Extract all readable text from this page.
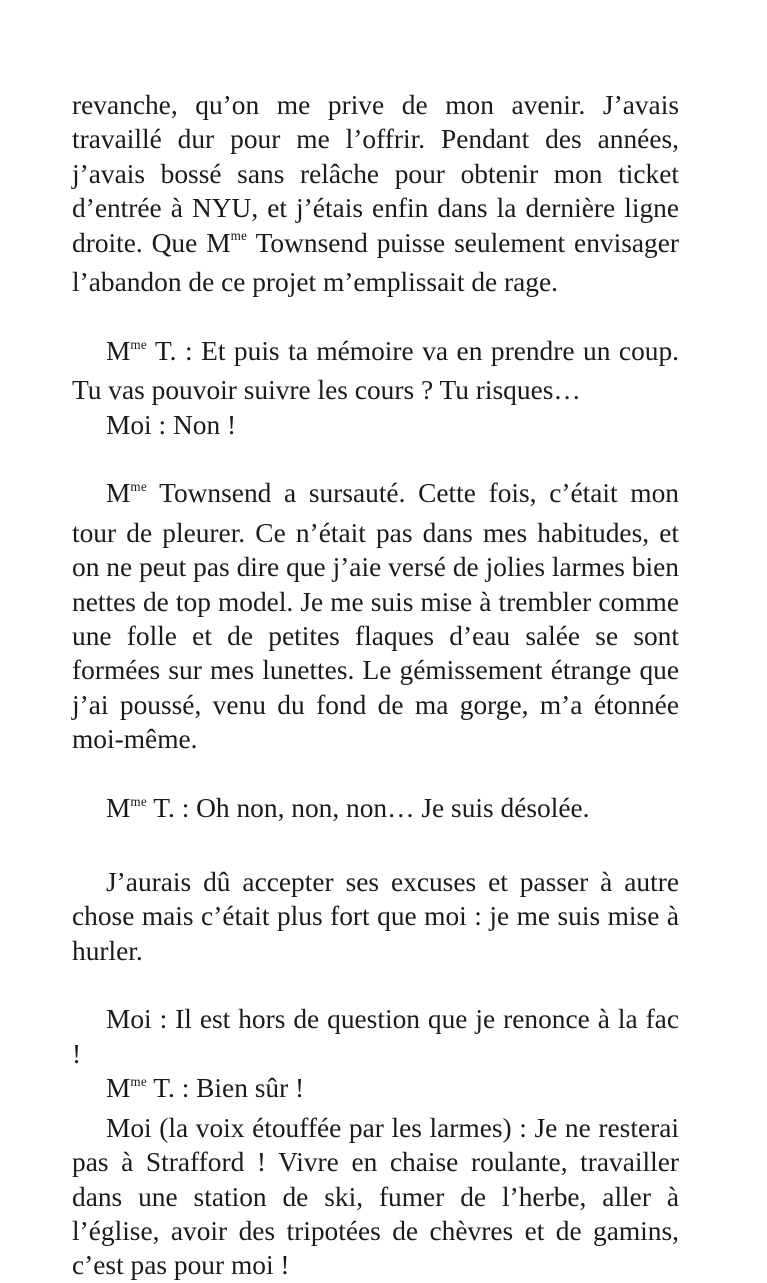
revanche, qu’on me prive de mon avenir. J’avais travaillé dur pour me l’offrir. Pendant des années, j’avais bossé sans relâche pour obtenir mon ticket d’entrée à NYU, et j’étais enfin dans la dernière ligne droite. Que $M^{me}$ Townsend puisse seulement envisager l’abandon de ce projet m’emplissait de rage.

$M^{me}$ T. : Et puis ta mémoire va en prendre un coup. Tu vas pouvoir suivre les cours ? Tu risques…

Moi : Non !

$M^{me}$ Townsend a sursauté. Cette fois, c’était mon tour de pleurer. Ce n’était pas dans mes habitudes, et on ne peut pas dire que j’aie versé de jolies larmes bien nettes de top model. Je me suis mise à trembler comme une folle et de petites flaques d’eau salée se sont formées sur mes lunettes. Le gémissement étrange que j’ai poussé, venu du fond de ma gorge, m’a étonnée moi-même.

$M^{me}$ T. : Oh non, non, non… Je suis désolée.

J’aurais dû accepter ses excuses et passer à autre chose mais c’était plus fort que moi : je me suis mise à hurler.

Moi : Il est hors de question que je renonce à la fac !

$M^{me}$ T. : Bien sûr !

Moi (la voix étouffée par les larmes) : Je ne resterai pas à Strafford ! Vivre en chaise roulante, travailler dans une station de ski, fumer de l’herbe, aller à l’église, avoir des tripotées de chèvres et de gamins, c’est pas pour moi !
